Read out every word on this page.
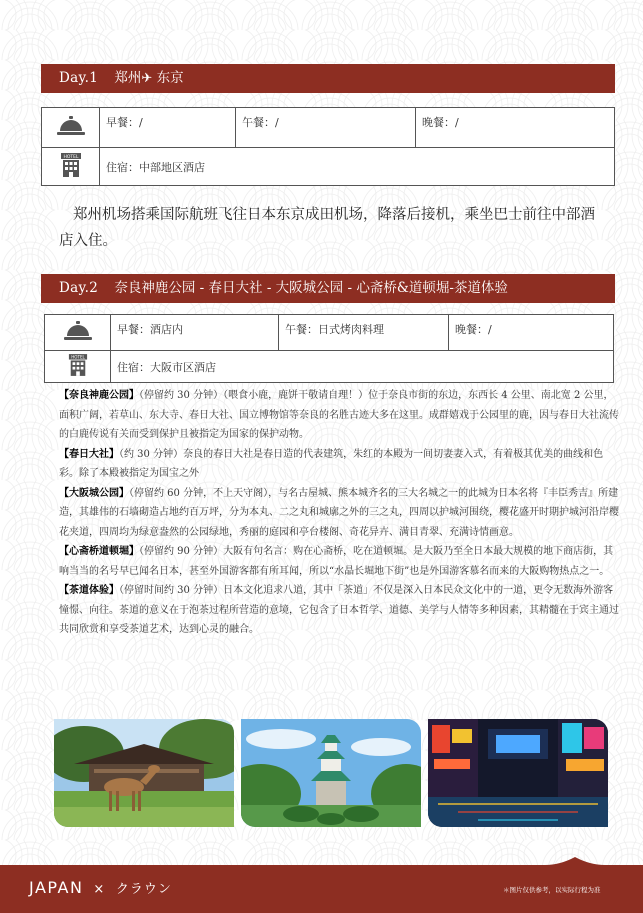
Day.1 郑州✈ 东京

早餐：/	午餐：/	晚餐：/

HOTEL	住宿：中部地区酒店		
郑州机场搭乘国际航班飞往日本东京成田机场，降落后接机，乘坐巴士前往中部酒店入住。
Day.2 奈良神鹿公园 - 春日大社 - 大阪城公园 - 心斋桥&道顿堀-茶道体验

早餐：酒店内	午餐：日式烤肉料理	晚餐：/

HOTEL	住宿：大阪市区酒店		

【奈良神鹿公园】（停留约 30 分钟）（喂食小鹿，鹿饼干敬请自理！）位于奈良市街的东边，东西长 4 公里、南北宽 2 公里，面积广阔，若草山、东大寺、春日大社、国立博物馆等奈良的名胜古迹大多在这里。成群嬉戏于公园里的鹿，因与春日大社流传的白鹿传说有关而受到保护且被指定为国家的保护动物。

【春日大社】（约 30 分钟）奈良的春日大社是春日造的代表建筑，朱红的本殿为一间切妻妻入式，有着极其优美的曲线和色彩。除了本殿被指定为国宝之外

【大阪城公园】（停留约 60 分钟，不上天守阁），与名古屋城、熊本城齐名的三大名城之一的此城为日本名将『丰臣秀吉』所建造，其雄伟的石墙砌造占地约百万坪，分为本丸、二之丸和城廓之外的三之丸，四周以护城河围绕，樱花盛开时期护城河沿岸樱花夹道，四周均为绿意盎然的公园绿地，秀丽的庭园和亭台楼阁、奇花异卉、满目青翠、充满诗情画意。

【心斋桥道顿堀】（停留约 90 分钟）大阪有句名言：购在心斋桥，吃在道顿堀。是大阪乃至全日本最大规模的地下商店街，其响当当的名号早已闻名日本，甚至外国游客都有所耳闻，所以“水晶长堀地下街”也是外国游客慕名而来的大阪购物热点之一。

【茶道体验】（停留时间约 30 分钟）日本文化追求八道，其中「茶道」不仅是深入日本民众文化中的一道，更令无数海外游客憧憬、向往。茶道的意义在于泡茶过程所营造的意境，它包含了日本哲学、道德、美学与人情等多种因素，其精髓在于宾主通过共同欣赏和享受茶道艺术，达到心灵的融合。

JAPAN × クラウン	＊图片仅供参考，以实际行程为准
